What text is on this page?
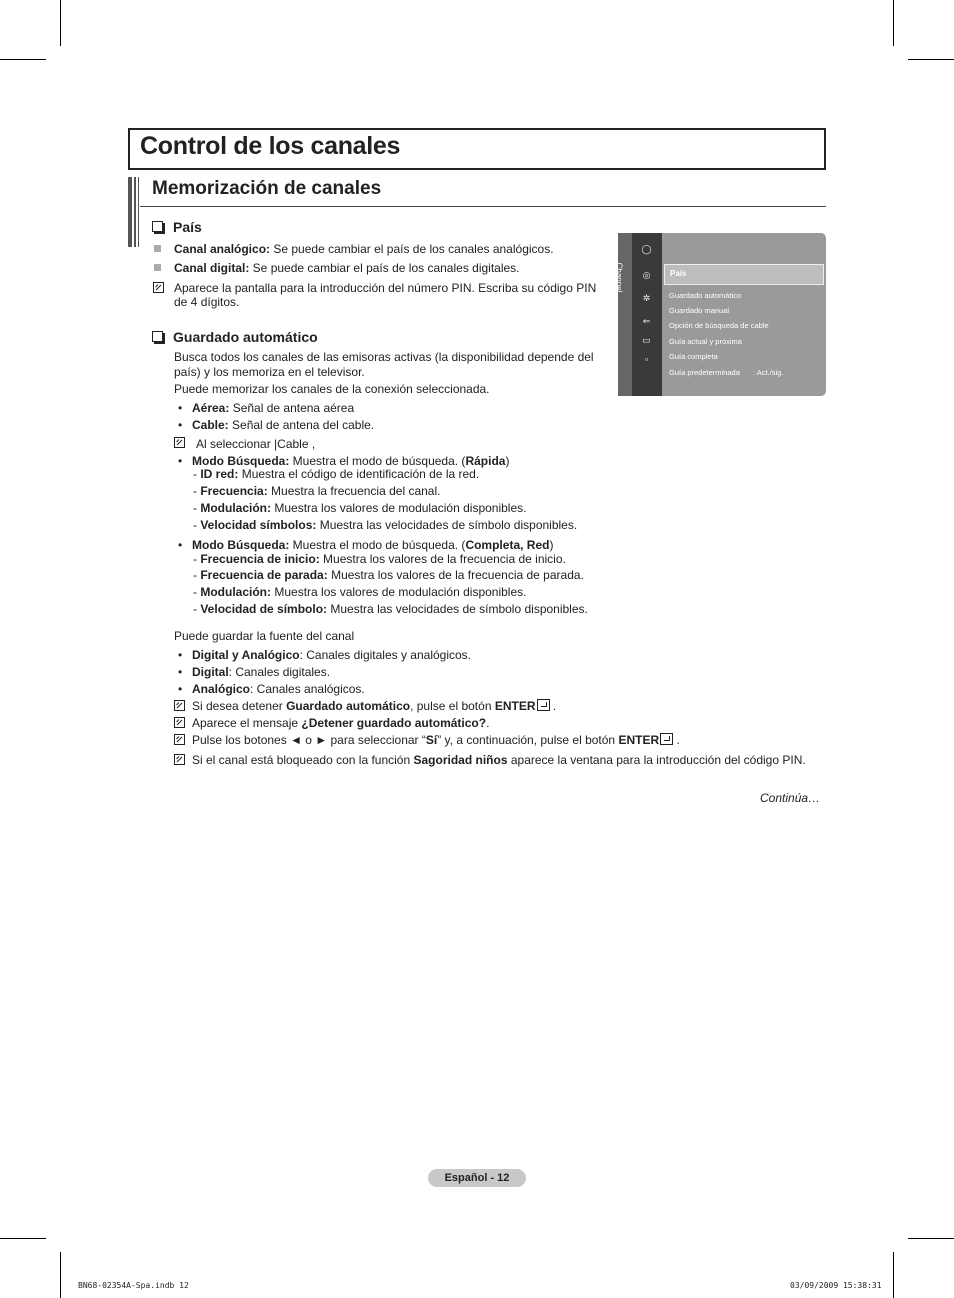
Control de los canales
Memorización de canales
País
Canal analógico: Se puede cambiar el país de los canales analógicos.
Canal digital: Se puede cambiar el país de los canales digitales.
Aparece la pantalla para la introducción del número PIN. Escriba su código PIN
de 4 dígitos.
Guardado automático
Busca todos los canales de las emisoras activas (la disponibilidad depende del
país) y los memoriza en el televisor.
Puede memorizar los canales de la conexión seleccionada.
• Aérea: Señal de antena aérea
• Cable: Señal de antena del cable.
Al seleccionar |Cable ,
• Modo Búsqueda: Muestra el modo de búsqueda. (Rápida)
- ID red: Muestra el código de identificación de la red.
- Frecuencia: Muestra la frecuencia del canal.
- Modulación: Muestra los valores de modulación disponibles.
- Velocidad símbolos: Muestra las velocidades de símbolo disponibles.
• Modo Búsqueda: Muestra el modo de búsqueda. (Completa, Red)
- Frecuencia de inicio: Muestra los valores de la frecuencia de inicio.
- Frecuencia de parada: Muestra los valores de la frecuencia de parada.
- Modulación: Muestra los valores de modulación disponibles.
- Velocidad de símbolo: Muestra las velocidades de símbolo disponibles.
Puede guardar la fuente del canal
• Digital y Analógico: Canales digitales y analógicos.
• Digital: Canales digitales.
• Analógico: Canales analógicos.
Si desea detener Guardado automático, pulse el botón ENTER .
Aparece el mensaje ¿Detener guardado automático?.
Pulse los botones ◄ o ► para seleccionar “Sí” y, a continuación, pulse el botón ENTER .
Si el canal está bloqueado con la función Sagoridad niños aparece la ventana para la introducción del código PIN.
Continúa…
Channel
◯
◎
✲
⇐
▭
▫
País
Guardado automático
Guardado manual
Opción de búsqueda de cable
Guía actual y próxima
Guía completa
Guía predeterminada : Act./sig.
Español - 12
BN68-02354A-Spa.indb 12	03/09/2009 15:38:31
